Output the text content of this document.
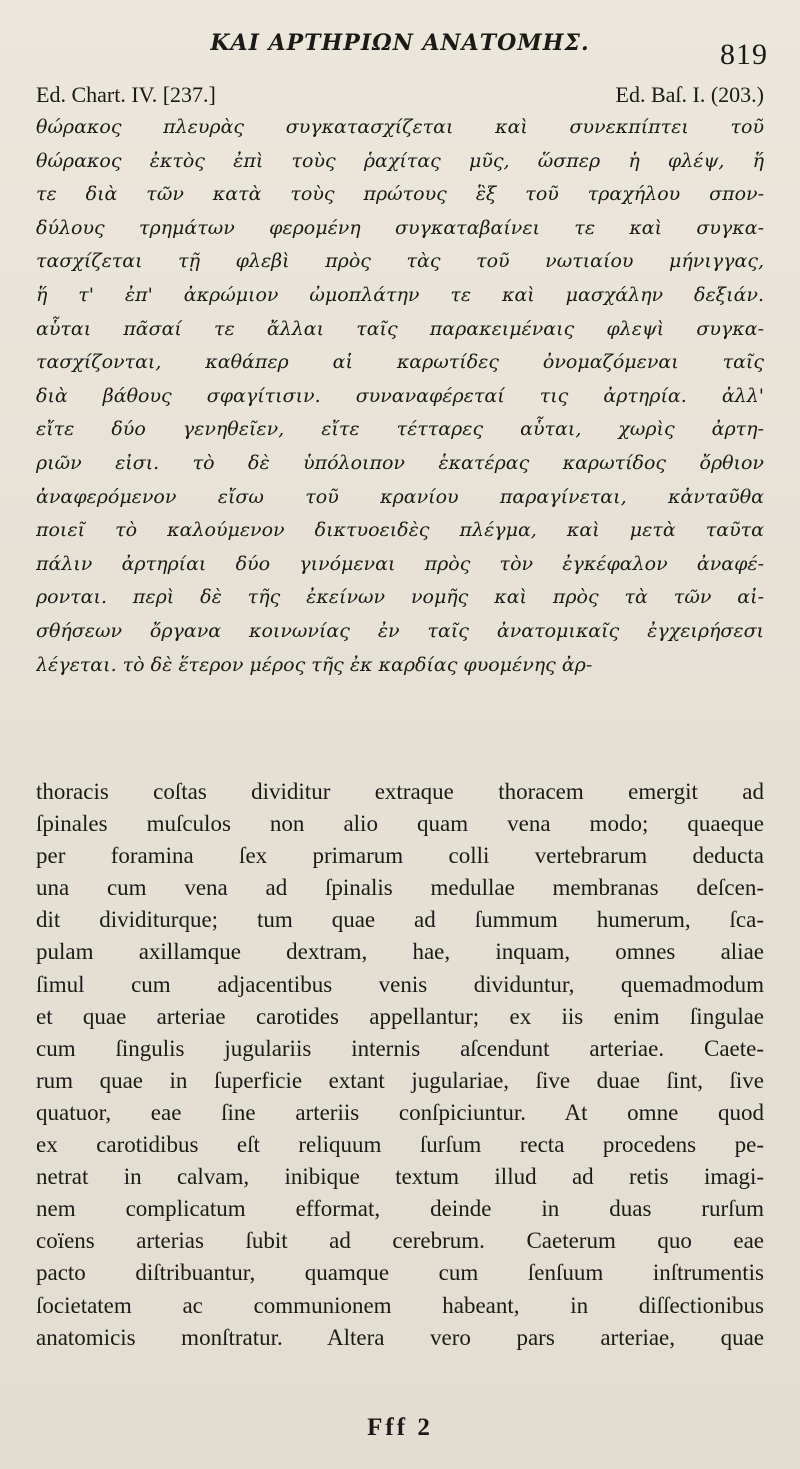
ΚΑΙ ΑΡΤΗΡΙΩΝ ΑΝΑΤΟΜΗΣ.	819
Ed. Chart. IV. [237.]	Ed. Baſ. I. (203.)
θώρακος πλευρὰς συγκατασχίζεται καὶ συνεκπίπτει τοῦ
θώρακος ἐκτὸς ἐπὶ τοὺς ῥαχίτας μῦς, ὥσπερ ἡ φλέψ, ἥ
τε διὰ τῶν κατὰ τοὺς πρώτους ἓξ τοῦ τραχήλου σπον-
δύλους τρημάτων φερομένη συγκαταβαίνει τε καὶ συγκα-
τασχίζεται τῇ φλεβὶ πρὸς τὰς τοῦ νωτιαίου μήνιγγας,
ἥ τ' ἐπ' ἀκρώμιον ὠμοπλάτην τε καὶ μασχάλην δεξιάν.
αὗται πᾶσαί τε ἄλλαι ταῖς παρακειμέναις φλεψὶ συγκα-
τασχίζονται, καθάπερ αἱ καρωτίδες ὀνομαζόμεναι ταῖς
διὰ βάθους σφαγίτισιν. συναναφέρεταί τις ἀρτηρία. ἀλλ'
εἴτε δύο γενηθεῖεν, εἴτε τέτταρες αὗται, χωρὶς ἀρτη-
ριῶν εἰσι. τὸ δὲ ὑπόλοιπον ἑκατέρας καρωτίδος ὄρθιον
ἀναφερόμενον εἴσω τοῦ κρανίου παραγίνεται, κἀνταῦθα
ποιεῖ τὸ καλούμενον δικτυοειδὲς πλέγμα, καὶ μετὰ ταῦτα
πάλιν ἀρτηρίαι δύο γινόμεναι πρὸς τὸν ἐγκέφαλον ἀναφέ-
ρονται. περὶ δὲ τῆς ἐκείνων νομῆς καὶ πρὸς τὰ τῶν αἰ-
σθήσεων ὄργανα κοινωνίας ἐν ταῖς ἀνατομικαῖς ἐγχειρήσεσι
λέγεται. τὸ δὲ ἕτερον μέρος τῆς ἐκ καρδίας φυομένης ἀρ-
thoracis coſtas dividitur extraque thoracem emergit ad
ſpinales muſculos non alio quam vena modo; quaeque
per foramina ſex primarum colli vertebrarum deducta
una cum vena ad ſpinalis medullae membranas deſcen-
dit dividiturque; tum quae ad ſummum humerum, ſca-
pulam axillamque dextram, hae, inquam, omnes aliae
ſimul cum adjacentibus venis dividuntur, quemadmodum
et quae arteriae carotides appellantur; ex iis enim ſingulae
cum ſingulis jugulariis internis aſcendunt arteriae. Caete-
rum quae in ſuperficie extant jugulariae, ſive duae ſint, ſive
quatuor, eae ſine arteriis conſpiciuntur. At omne quod
ex carotidibus eſt reliquum ſurſum recta procedens pe-
netrat in calvam, inibique textum illud ad retis imagi-
nem complicatum efformat, deinde in duas rurſum
coïens arterias ſubit ad cerebrum. Caeterum quo eae
pacto diſtribuantur, quamque cum ſenſuum inſtrumentis
ſocietatem ac communionem habeant, in diſſectionibus
anatomicis monſtratur. Altera vero pars arteriae, quae
Fff 2
